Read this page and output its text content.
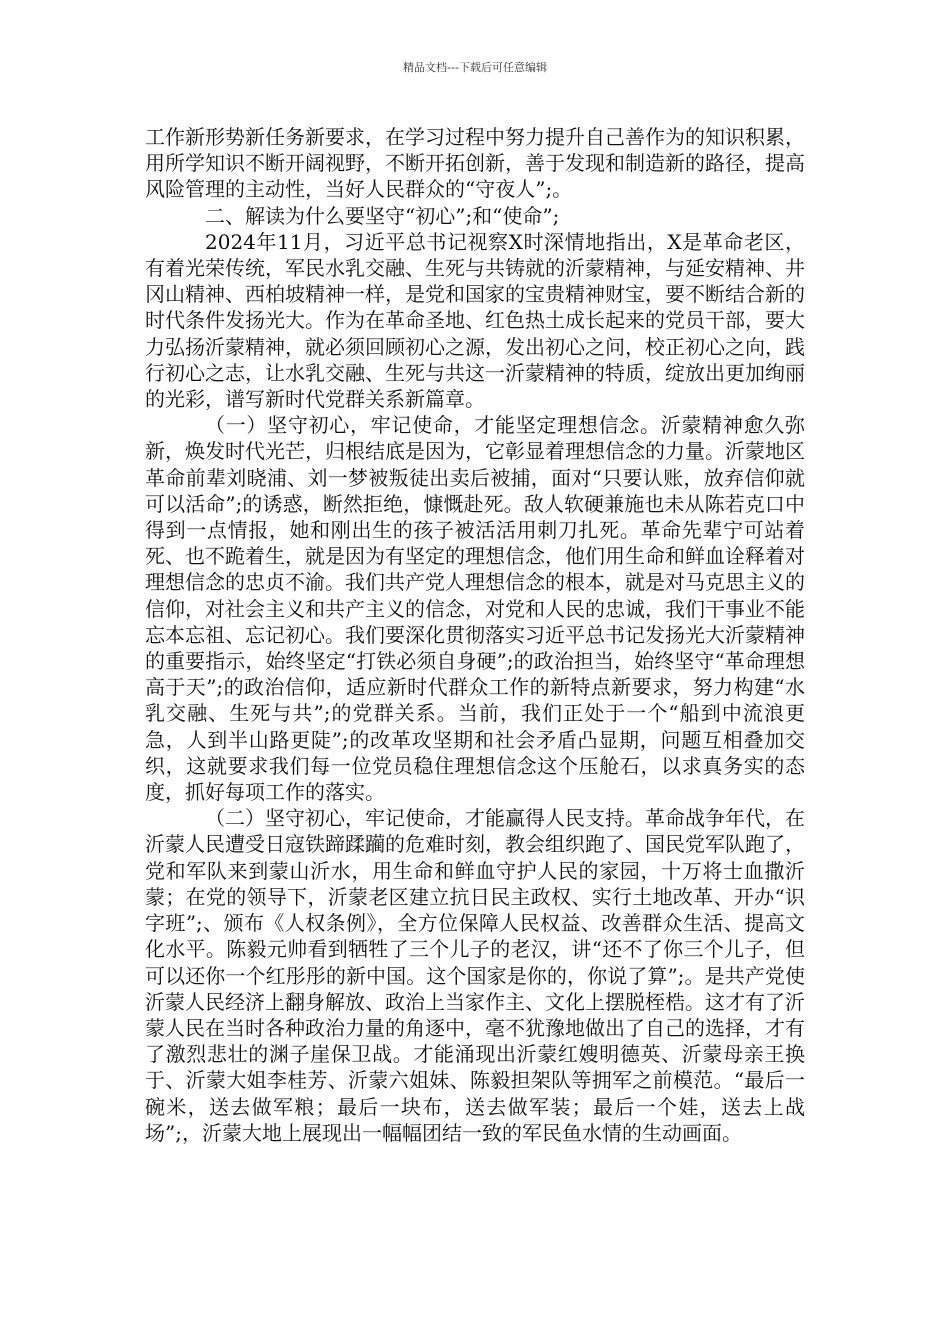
精品文档---下载后可任意编辑

工作新形势新任务新要求，在学习过程中努力提升自己善作为的知识积累，用所学知识不断开阔视野，不断开拓创新，善于发现和制造新的路径，提高风险管理的主动性，当好人民群众的“守夜人”;。

二、解读为什么要坚守“初心”;和“使命”;

2024年11月，习近平总书记视察X时深情地指出，X是革命老区，有着光荣传统，军民水乳交融、生死与共铸就的沂蒙精神，与延安精神、井冈山精神、西柏坡精神一样，是党和国家的宝贵精神财宝，要不断结合新的时代条件发扬光大。作为在革命圣地、红色热土成长起来的党员干部，要大力弘扬沂蒙精神，就必须回顾初心之源，发出初心之问，校正初心之向，践行初心之志，让水乳交融、生死与共这一沂蒙精神的特质，绽放出更加绚丽的光彩，谱写新时代党群关系新篇章。

（一）坚守初心，牢记使命，才能坚定理想信念。沂蒙精神愈久弥新，焕发时代光芒，归根结底是因为，它彰显着理想信念的力量。沂蒙地区革命前辈刘晓浦、刘一梦被叛徒出卖后被捕，面对“只要认账，放弃信仰就可以活命”;的诱惑，断然拒绝，慷慨赴死。敌人软硬兼施也未从陈若克口中得到一点情报，她和刚出生的孩子被活活用刺刀扎死。革命先辈宁可站着死、也不跪着生，就是因为有坚定的理想信念，他们用生命和鲜血诠释着对理想信念的忠贞不渝。我们共产党人理想信念的根本，就是对马克思主义的信仰，对社会主义和共产主义的信念，对党和人民的忠诚，我们干事业不能忘本忘祖、忘记初心。我们要深化贯彻落实习近平总书记发扬光大沂蒙精神的重要指示，始终坚定“打铁必须自身硬”;的政治担当，始终坚守“革命理想高于天”;的政治信仰，适应新时代群众工作的新特点新要求，努力构建“水乳交融、生死与共”;的党群关系。当前，我们正处于一个“船到中流浪更急，人到半山路更陡”;的改革攻坚期和社会矛盾凸显期，问题互相叠加交织，这就要求我们每一位党员稳住理想信念这个压舱石，以求真务实的态度，抓好每项工作的落实。

（二）坚守初心，牢记使命，才能赢得人民支持。革命战争年代，在沂蒙人民遭受日寇铁蹄蹂躏的危难时刻，教会组织跑了、国民党军队跑了，党和军队来到蒙山沂水，用生命和鲜血守护人民的家园，十万将士血撒沂蒙；在党的领导下，沂蒙老区建立抗日民主政权、实行土地改革、开办“识字班”;、颁布《人权条例》，全方位保障人民权益、改善群众生活、提高文化水平。陈毅元帅看到牺牲了三个儿子的老汉，讲“还不了你三个儿子，但可以还你一个红彤彤的新中国。这个国家是你的，你说了算”;。是共产党使沂蒙人民经济上翻身解放、政治上当家作主、文化上摆脱桎梏。这才有了沂蒙人民在当时各种政治力量的角逐中，毫不犹豫地做出了自己的选择，才有了激烈悲壮的渊子崖保卫战。才能涌现出沂蒙红嫂明德英、沂蒙母亲王换于、沂蒙大姐李桂芳、沂蒙六姐妹、陈毅担架队等拥军之前模范。“最后一碗米，送去做军粮；最后一块布，送去做军装；最后一个娃，送去上战场”;，沂蒙大地上展现出一幅幅团结一致的军民鱼水情的生动画面。
